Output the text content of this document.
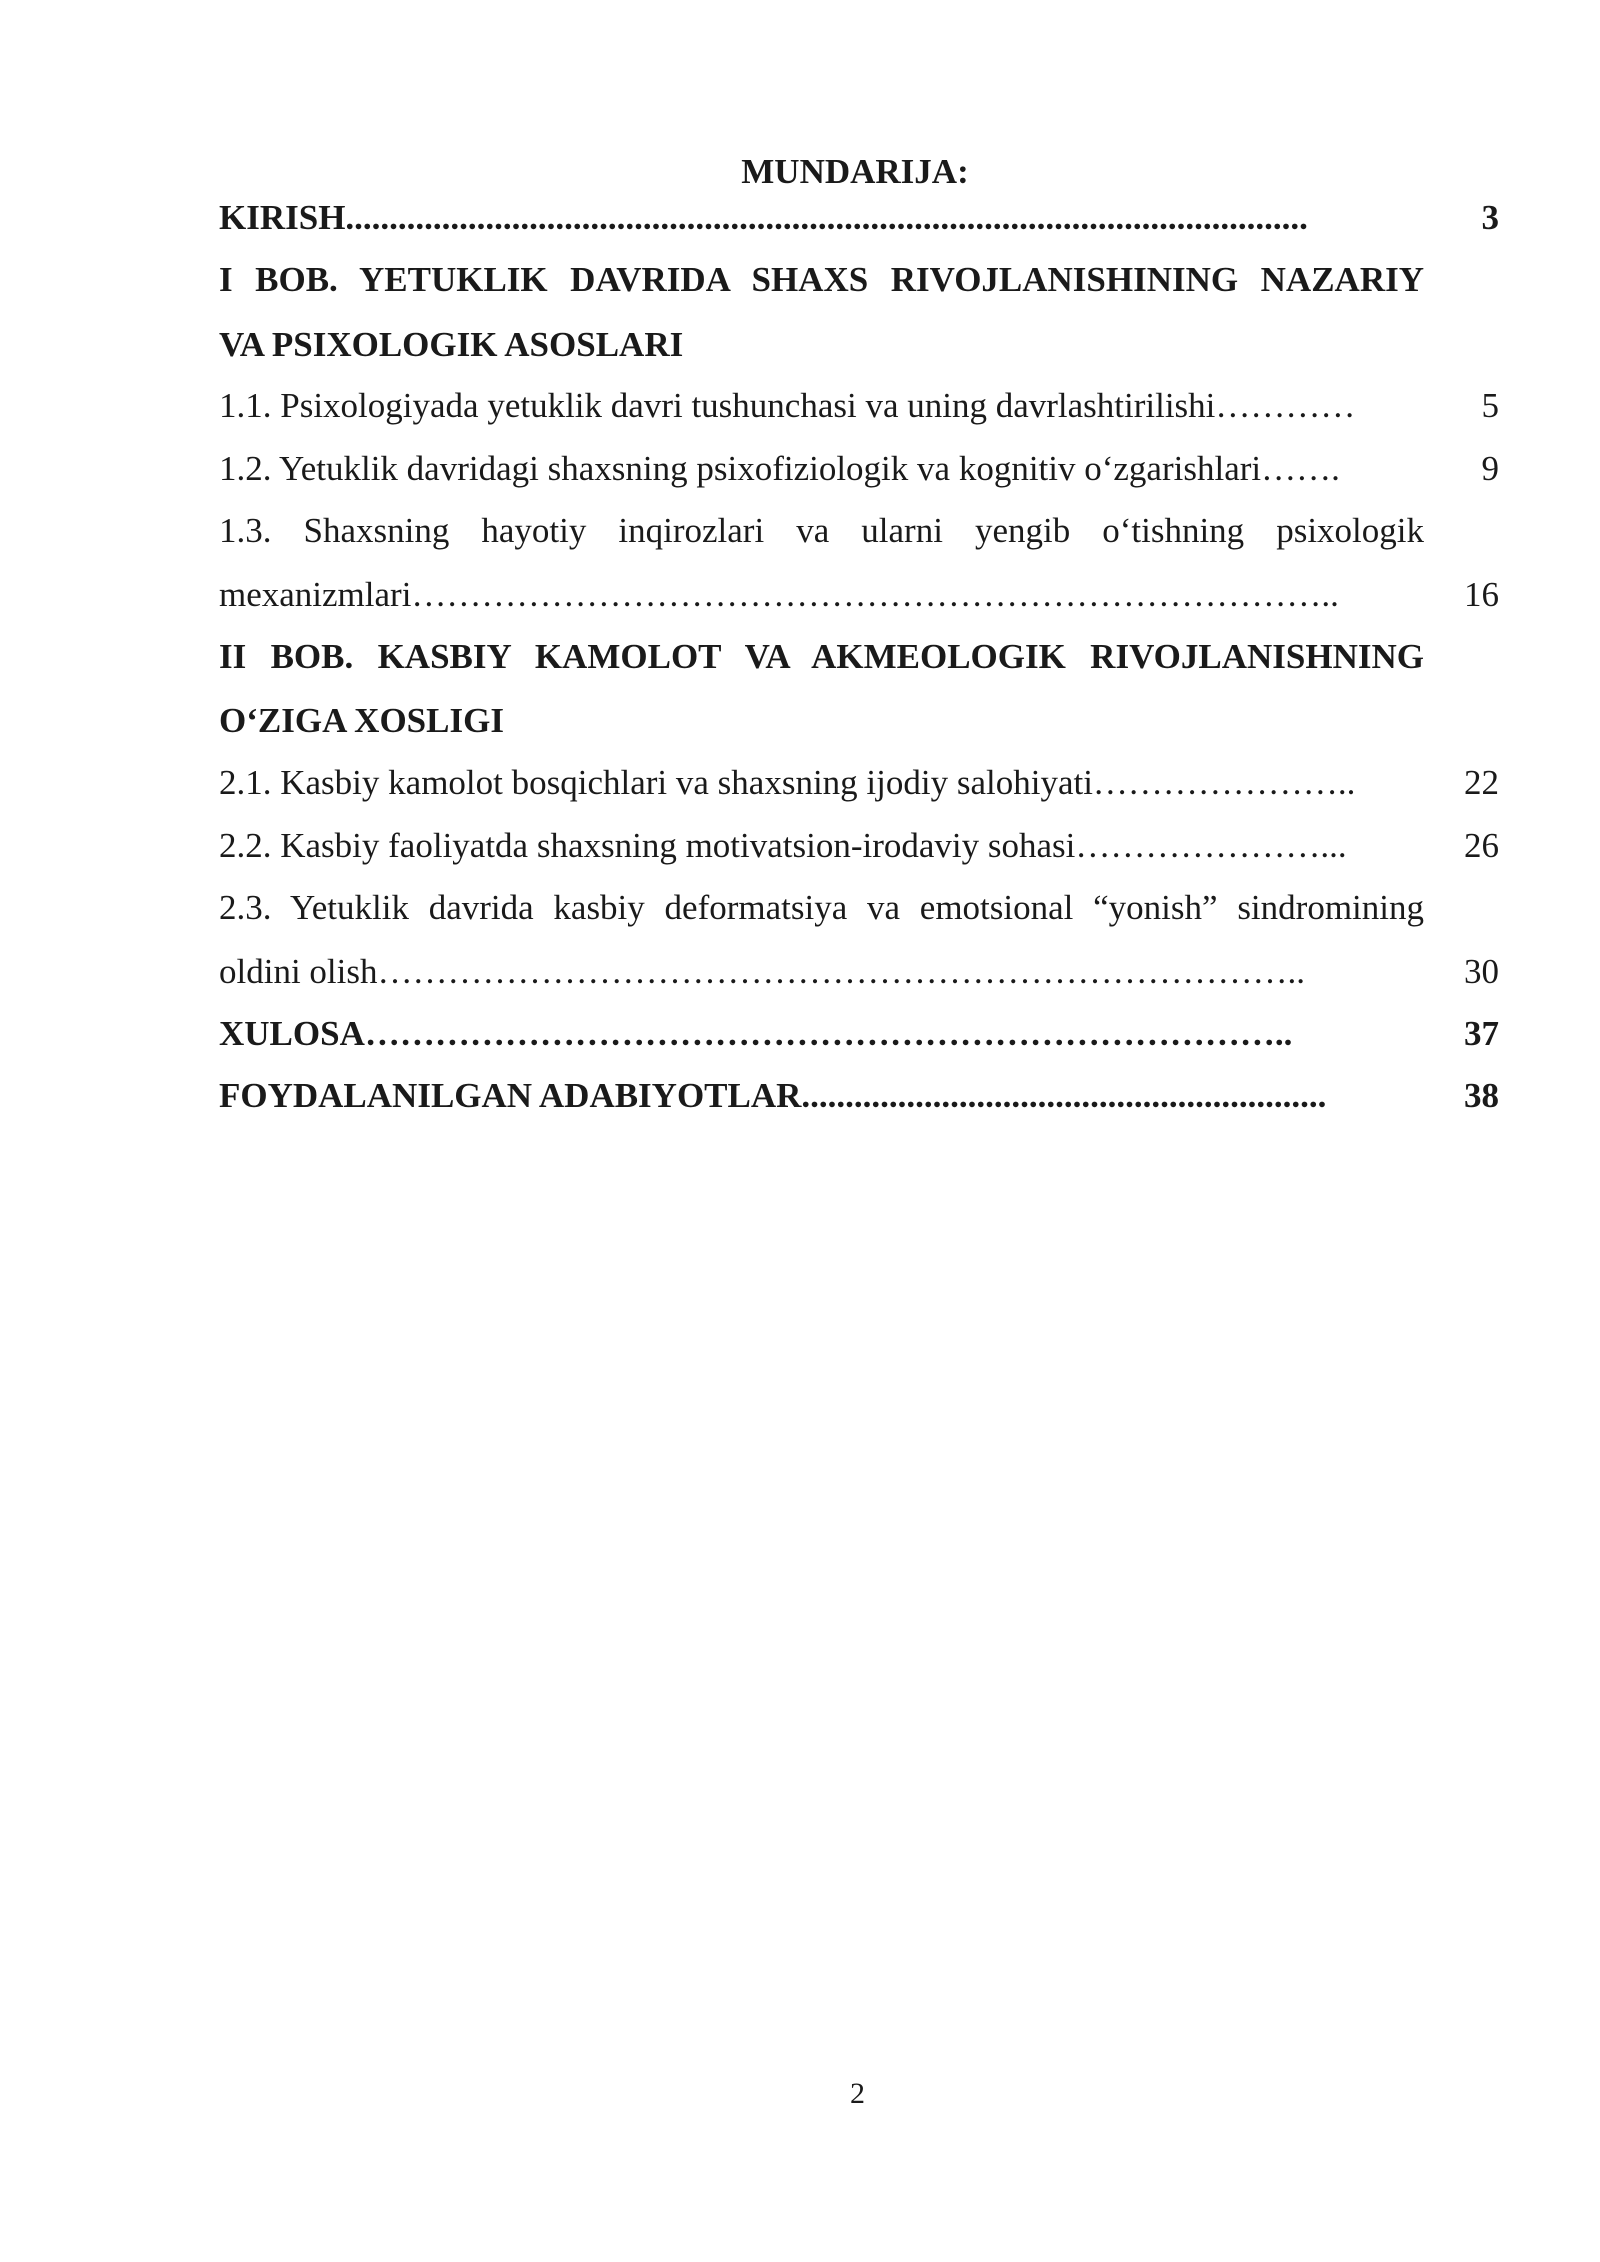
MUNDARIJA:
KIRISH..............................................................................................................	3
I BOB. YETUKLIK DAVRIDA SHAXS RIVOJLANISHINING NAZARIY
VA PSIXOLOGIK ASOSLARI
1.1. Psixologiyada yetuklik davri tushunchasi va uning davrlashtirilishi…………	5
1.2. Yetuklik davridagi shaxsning psixofiziologik va kognitiv o‘zgarishlari…….	9
1.3. Shaxsning hayotiy inqirozlari va ularni yengib o‘tishning psixologik
mexanizmlari……………………………………………………………………..	16
II BOB. KASBIY KAMOLOT VA AKMEOLOGIK RIVOJLANISHNING
O‘ZIGA XOSLIGI
2.1. Kasbiy kamolot bosqichlari va shaxsning ijodiy salohiyati…………………..	22
2.2. Kasbiy faoliyatda shaxsning motivatsion-irodaviy sohasi…………………...	26
2.3. Yetuklik davrida kasbiy deformatsiya va emotsional “yonish” sindromining
oldini olish……………………………………………………………………..	30
XULOSA……………………………………………………………………..	37
FOYDALANILGAN ADABIYOTLAR............................................................	38
2
